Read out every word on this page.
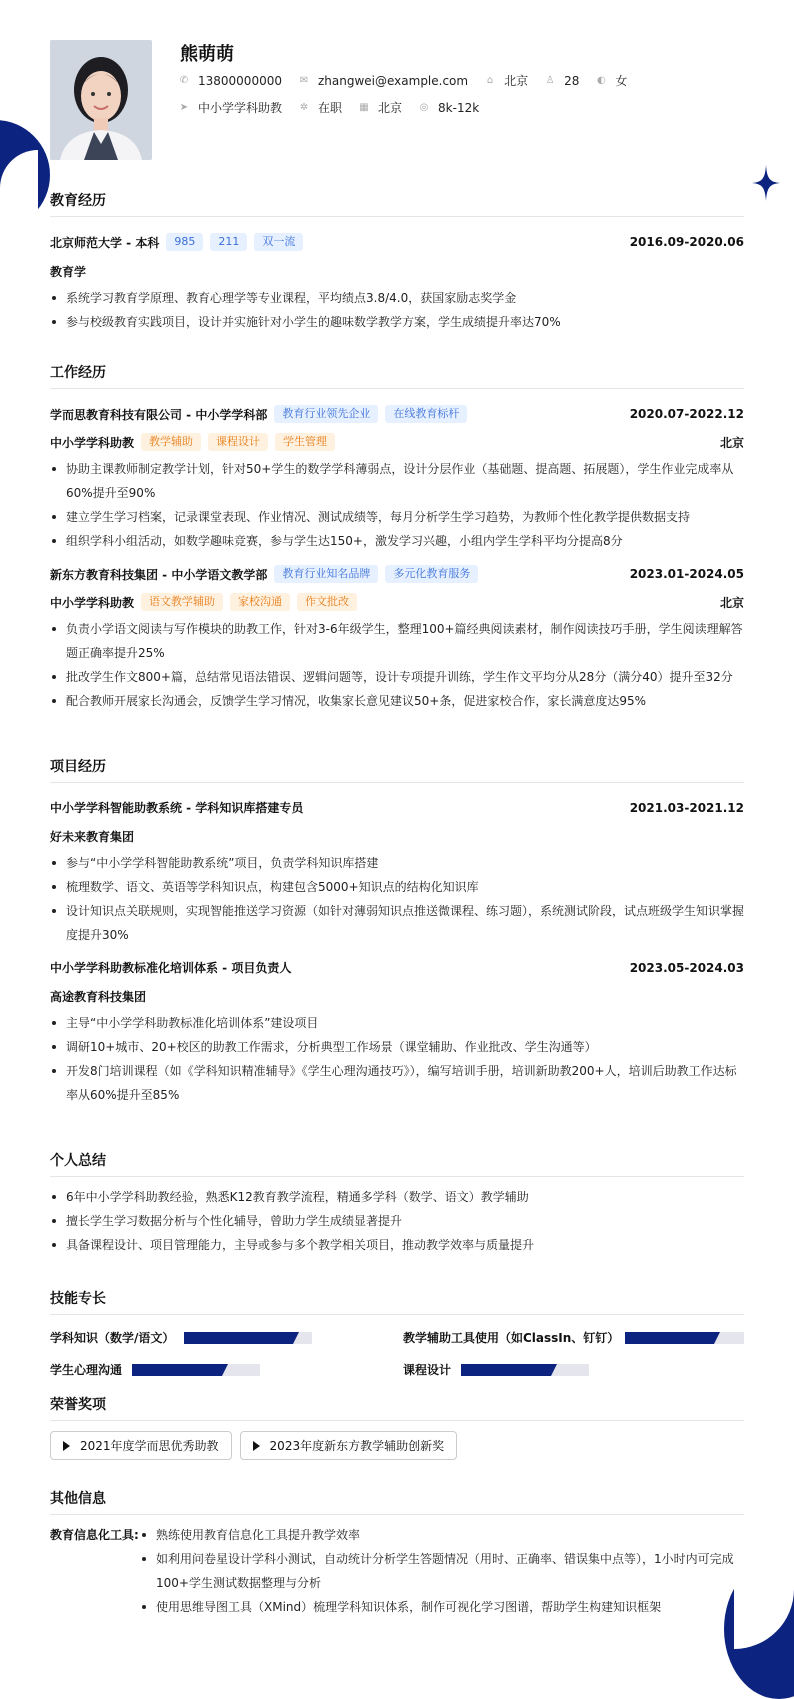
熊萌萌
✆ 13800000000 ✉ zhangwei@example.com ⌂ 北京 ♙ 28 ◐ 女
➤ 中小学学科助教 ✲ 在职 ▦ 北京 ◎ 8k-12k
教育经历
北京师范大学 - 本科	985	211	双一流	2016.09-2020.06
教育学
系统学习教育学原理、教育心理学等专业课程，平均绩点3.8/4.0，获国家励志奖学金
参与校级教育实践项目，设计并实施针对小学生的趣味数学教学方案，学生成绩提升率达70%
工作经历
学而思教育科技有限公司 - 中小学学科部	教育行业领先企业	在线教育标杆	2020.07-2022.12
中小学学科助教	教学辅助	课程设计	学生管理	北京
协助主课教师制定教学计划，针对50+学生的数学学科薄弱点，设计分层作业（基础题、提高题、拓展题），学生作业完成率从60%提升至90%
建立学生学习档案，记录课堂表现、作业情况、测试成绩等，每月分析学生学习趋势，为教师个性化教学提供数据支持
组织学科小组活动，如数学趣味竞赛，参与学生达150+，激发学习兴趣，小组内学生学科平均分提高8分
新东方教育科技集团 - 中小学语文教学部	教育行业知名品牌	多元化教育服务	2023.01-2024.05
中小学学科助教	语文教学辅助	家校沟通	作文批改	北京
负责小学语文阅读与写作模块的助教工作，针对3-6年级学生，整理100+篇经典阅读素材，制作阅读技巧手册，学生阅读理解答题正确率提升25%
批改学生作文800+篇，总结常见语法错误、逻辑问题等，设计专项提升训练，学生作文平均分从28分（满分40）提升至32分
配合教师开展家长沟通会，反馈学生学习情况，收集家长意见建议50+条，促进家校合作，家长满意度达95%
项目经历
中小学学科智能助教系统 - 学科知识库搭建专员	2021.03-2021.12
好未来教育集团
参与“中小学学科智能助教系统”项目，负责学科知识库搭建
梳理数学、语文、英语等学科知识点，构建包含5000+知识点的结构化知识库
设计知识点关联规则，实现智能推送学习资源（如针对薄弱知识点推送微课程、练习题），系统测试阶段，试点班级学生知识掌握度提升30%
中小学学科助教标准化培训体系 - 项目负责人	2023.05-2024.03
高途教育科技集团
主导“中小学学科助教标准化培训体系”建设项目
调研10+城市、20+校区的助教工作需求，分析典型工作场景（课堂辅助、作业批改、学生沟通等）
开发8门培训课程（如《学科知识精准辅导》《学生心理沟通技巧》），编写培训手册，培训新助教200+人，培训后助教工作达标率从60%提升至85%
个人总结
6年中小学学科助教经验，熟悉K12教育教学流程，精通多学科（数学、语文）教学辅助
擅长学生学习数据分析与个性化辅导，曾助力学生成绩显著提升
具备课程设计、项目管理能力，主导或参与多个教学相关项目，推动教学效率与质量提升
技能专长
学科知识（数学/语文）	教学辅助工具使用（如ClassIn、钉钉）
学生心理沟通	课程设计
荣誉奖项
2021年度学而思优秀助教	2023年度新东方教学辅助创新奖
其他信息
教育信息化工具:	熟练使用教育信息化工具提升教学效率
如利用问卷星设计学科小测试，自动统计分析学生答题情况（用时、正确率、错误集中点等），1小时内可完成100+学生测试数据整理与分析
使用思维导图工具（XMind）梳理学科知识体系，制作可视化学习图谱，帮助学生构建知识框架
